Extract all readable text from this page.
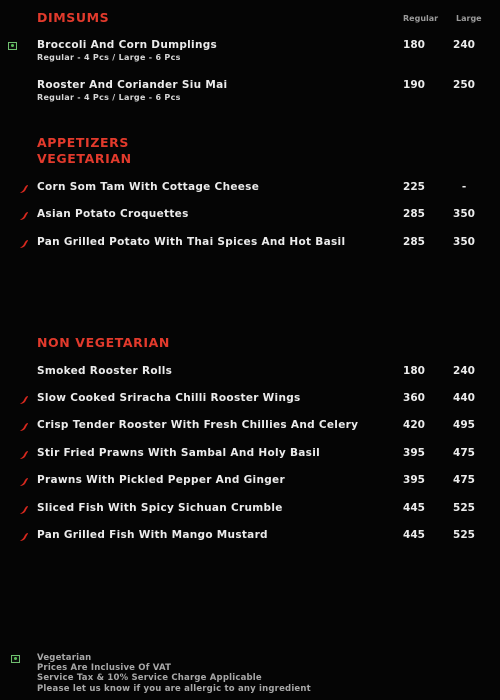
Regular Large
DIMSUMS
Broccoli And Corn Dumplings
Regular - 4 Pcs / Large - 6 Pcs
180	240
Rooster And Coriander Siu Mai
Regular - 4 Pcs / Large - 6 Pcs
190	250
APPETIZERS
VEGETARIAN
Corn Som Tam With Cottage Cheese	225	-
Asian Potato Croquettes	285	350
Pan Grilled Potato With Thai Spices And Hot Basil	285	350
NON VEGETARIAN
Smoked Rooster Rolls	180	240
Slow Cooked Sriracha Chilli Rooster Wings	360	440
Crisp Tender Rooster With Fresh Chillies And Celery	420	495
Stir Fried Prawns With Sambal And Holy Basil	395	475
Prawns With Pickled Pepper And Ginger	395	475
Sliced Fish With Spicy Sichuan Crumble	445	525
Pan Grilled Fish With Mango Mustard	445	525
Vegetarian
Prices Are Inclusive Of VAT
Service Tax & 10% Service Charge Applicable
Please let us know if you are allergic to any ingredient
